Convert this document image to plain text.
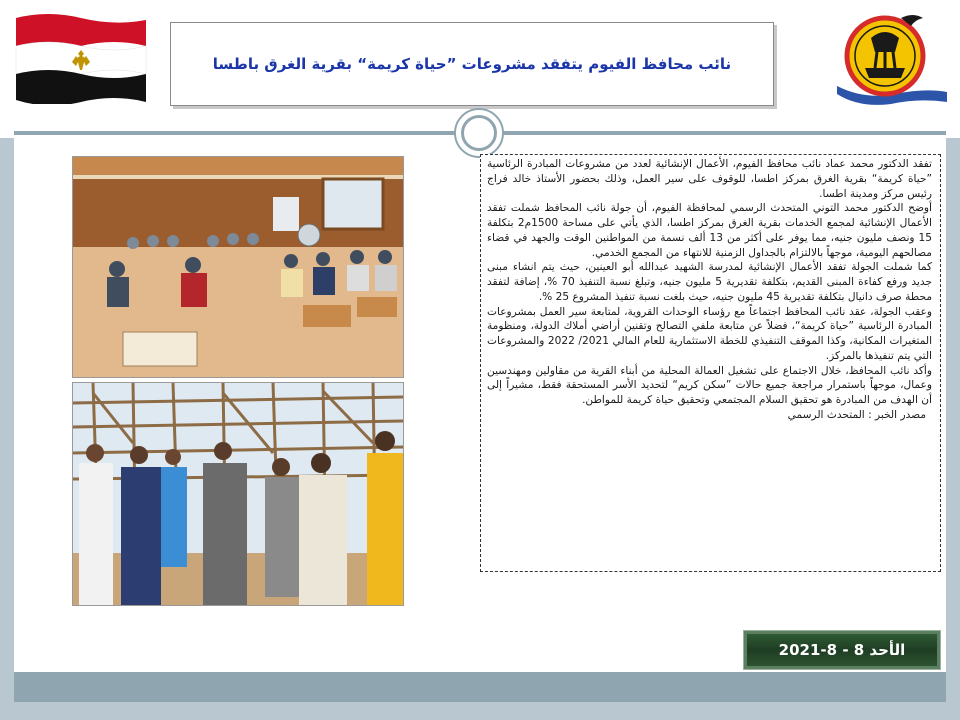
نائب محافظ الفيوم يتفقد مشروعات ”حياة كريمة“ بقرية الغرق باطسا

تفقد الدكتور محمد عماد نائب محافظ الفيوم، الأعمال الإنشائية لعدد من مشروعات المبادرة الرئاسية ”حياة كريمة“ بقرية الغرق بمركز اطسا، للوقوف على سير العمل، وذلك بحضور الأستاذ خالد فراج رئيس مركز ومدينة اطسا.

أوضح الدكتور محمد التوني المتحدث الرسمي لمحافظة الفيوم، أن جولة نائب المحافظ شملت تفقد الأعمال الإنشائية لمجمع الخدمات بقرية الغرق بمركز اطسا، الذي يأتي على مساحة 1500م2 بتكلفة 15 ونصف مليون جنيه، مما يوفر على أكثر من 13 ألف نسمة من المواطنين الوقت والجهد في قضاء مصالحهم اليومية، موجهاً بالالتزام بالجداول الزمنية للانتهاء من المجمع الخدمي.

كما شملت الجولة تفقد الأعمال الإنشائية لمدرسة الشهيد عبدالله أبو العينين، حيث يتم انشاء مبنى جديد ورفع كفاءة المبنى القديم، بتكلفة تقديرية 5 مليون جنيه، وتبلغ نسبة التنفيذ 70 %، إضافة لتفقد محطة صرف دانيال بتكلفة تقديرية 45 مليون جنيه، حيث بلغت نسبة تنفيذ المشروع 25 %.

وعقب الجولة، عقد نائب المحافظ اجتماعاً مع رؤساء الوحدات القروية، لمتابعة سير العمل بمشروعات المبادرة الرئاسية ”حياة كريمة“، فضلاً عن متابعة ملفي التصالح وتقنين أراضي أملاك الدولة، ومنظومة المتغيرات المكانية، وكذا الموقف التنفيذي للخطة الاستثمارية للعام المالي 2021/ 2022 والمشروعات التي يتم تنفيذها بالمركز.

وأكد نائب المحافظ، خلال الاجتماع على تشغيل العمالة المحلية من أبناء القرية من مقاولين ومهندسين وعمال، موجهاً باستمرار مراجعة جميع حالات ”سكن كريم“ لتحديد الأسر المستحقة فقط، مشيراً إلى أن الهدف من المبادرة هو تحقيق السلام المجتمعي وتحقيق حياة كريمة للمواطن.

مصدر الخبر : المتحدث الرسمي

الأحد 8 - 8-2021
